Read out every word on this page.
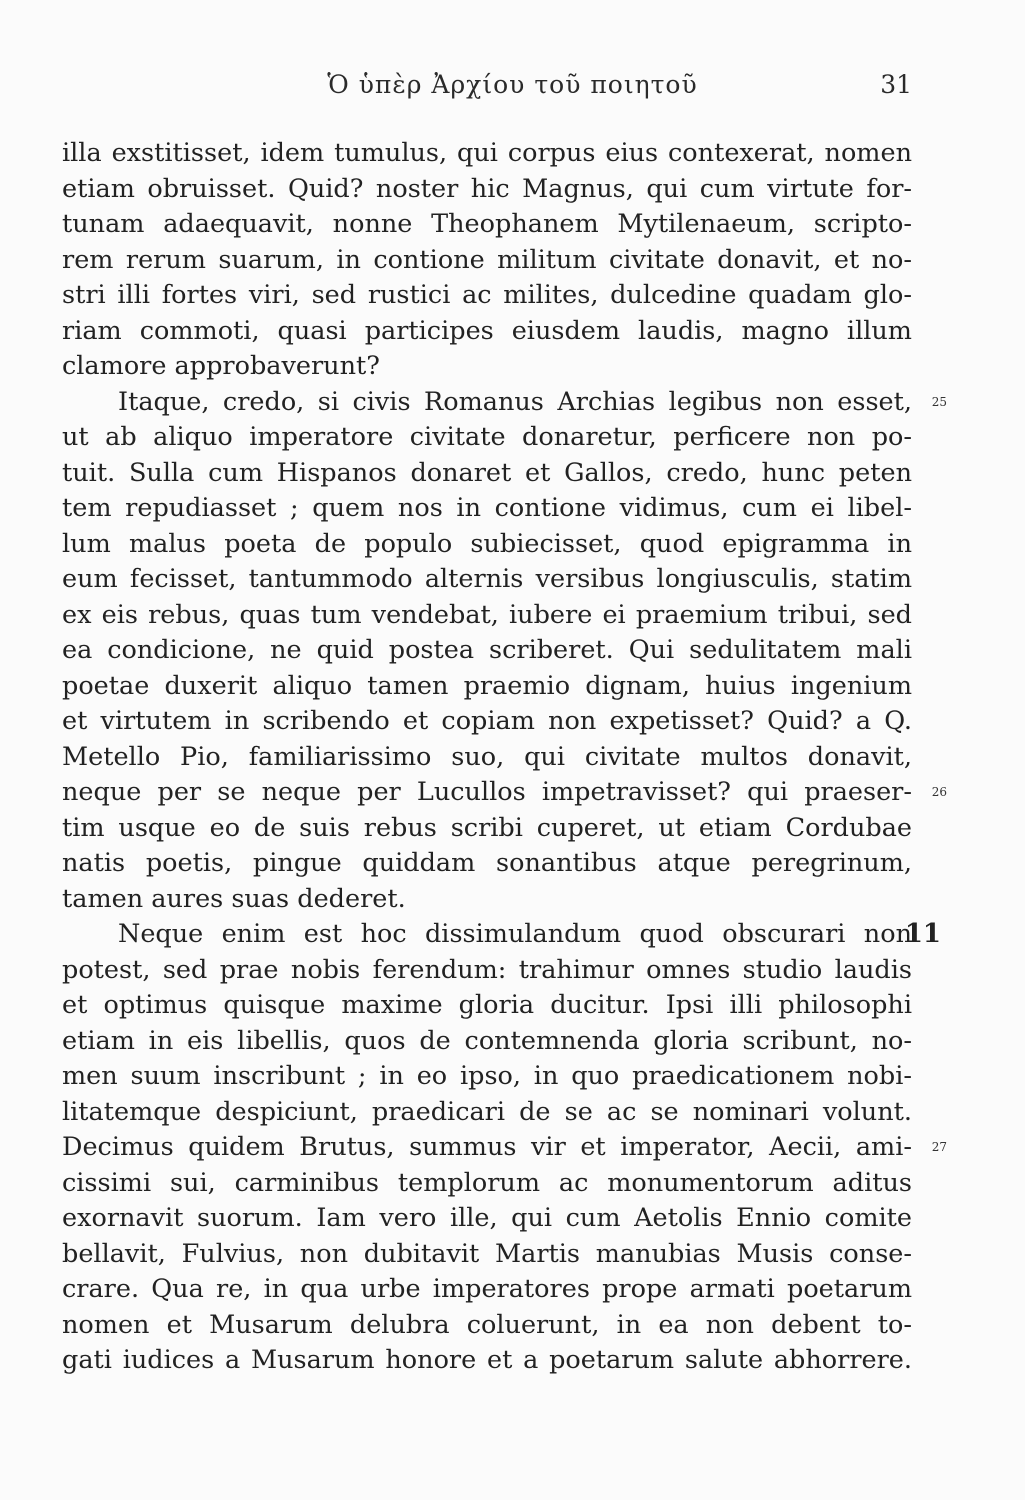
Ὁ ὑπὲρ Ἀρχίου τοῦ ποιητοῦ	31
illa exstitisset, idem tumulus, qui corpus eius contexerat, nomen
etiam obruisset. Quid? noster hic Magnus, qui cum virtute for-
tunam adaequavit, nonne Theophanem Mytilenaeum, scripto-
rem rerum suarum, in contione militum civitate donavit, et no-
stri illi fortes viri, sed rustici ac milites, dulcedine quadam glo-
riam commoti, quasi participes eiusdem laudis, magno illum
clamore approbaverunt?
Itaque, credo, si civis Romanus Archias legibus non esset, 25
ut ab aliquo imperatore civitate donaretur, perficere non po-
tuit. Sulla cum Hispanos donaret et Gallos, credo, hunc peten
tem repudiasset ; quem nos in contione vidimus, cum ei libel-
lum malus poeta de populo subiecisset, quod epigramma in
eum fecisset, tantummodo alternis versibus longiusculis, statim
ex eis rebus, quas tum vendebat, iubere ei praemium tribui, sed
ea condicione, ne quid postea scriberet. Qui sedulitatem mali
poetae duxerit aliquo tamen praemio dignam, huius ingenium
et virtutem in scribendo et copiam non expetisset? Quid? a Q.
Metello Pio, familiarissimo suo, qui civitate multos donavit,
neque per se neque per Lucullos impetravisset? qui praeser- 26
tim usque eo de suis rebus scribi cuperet, ut etiam Cordubae
natis poetis, pingue quiddam sonantibus atque peregrinum,
tamen aures suas dederet.
Neque enim est hoc dissimulandum quod obscurari non
11
potest, sed prae nobis ferendum: trahimur omnes studio laudis
et optimus quisque maxime gloria ducitur. Ipsi illi philosophi
etiam in eis libellis, quos de contemnenda gloria scribunt, no-
men suum inscribunt ; in eo ipso, in quo praedicationem nobi-
litatemque despiciunt, praedicari de se ac se nominari volunt.
Decimus quidem Brutus, summus vir et imperator, Aecii, ami- 27
cissimi sui, carminibus templorum ac monumentorum aditus
exornavit suorum. Iam vero ille, qui cum Aetolis Ennio comite
bellavit, Fulvius, non dubitavit Martis manubias Musis conse-
crare. Qua re, in qua urbe imperatores prope armati poetarum
nomen et Musarum delubra coluerunt, in ea non debent to-
gati iudices a Musarum honore et a poetarum salute abhorrere.
